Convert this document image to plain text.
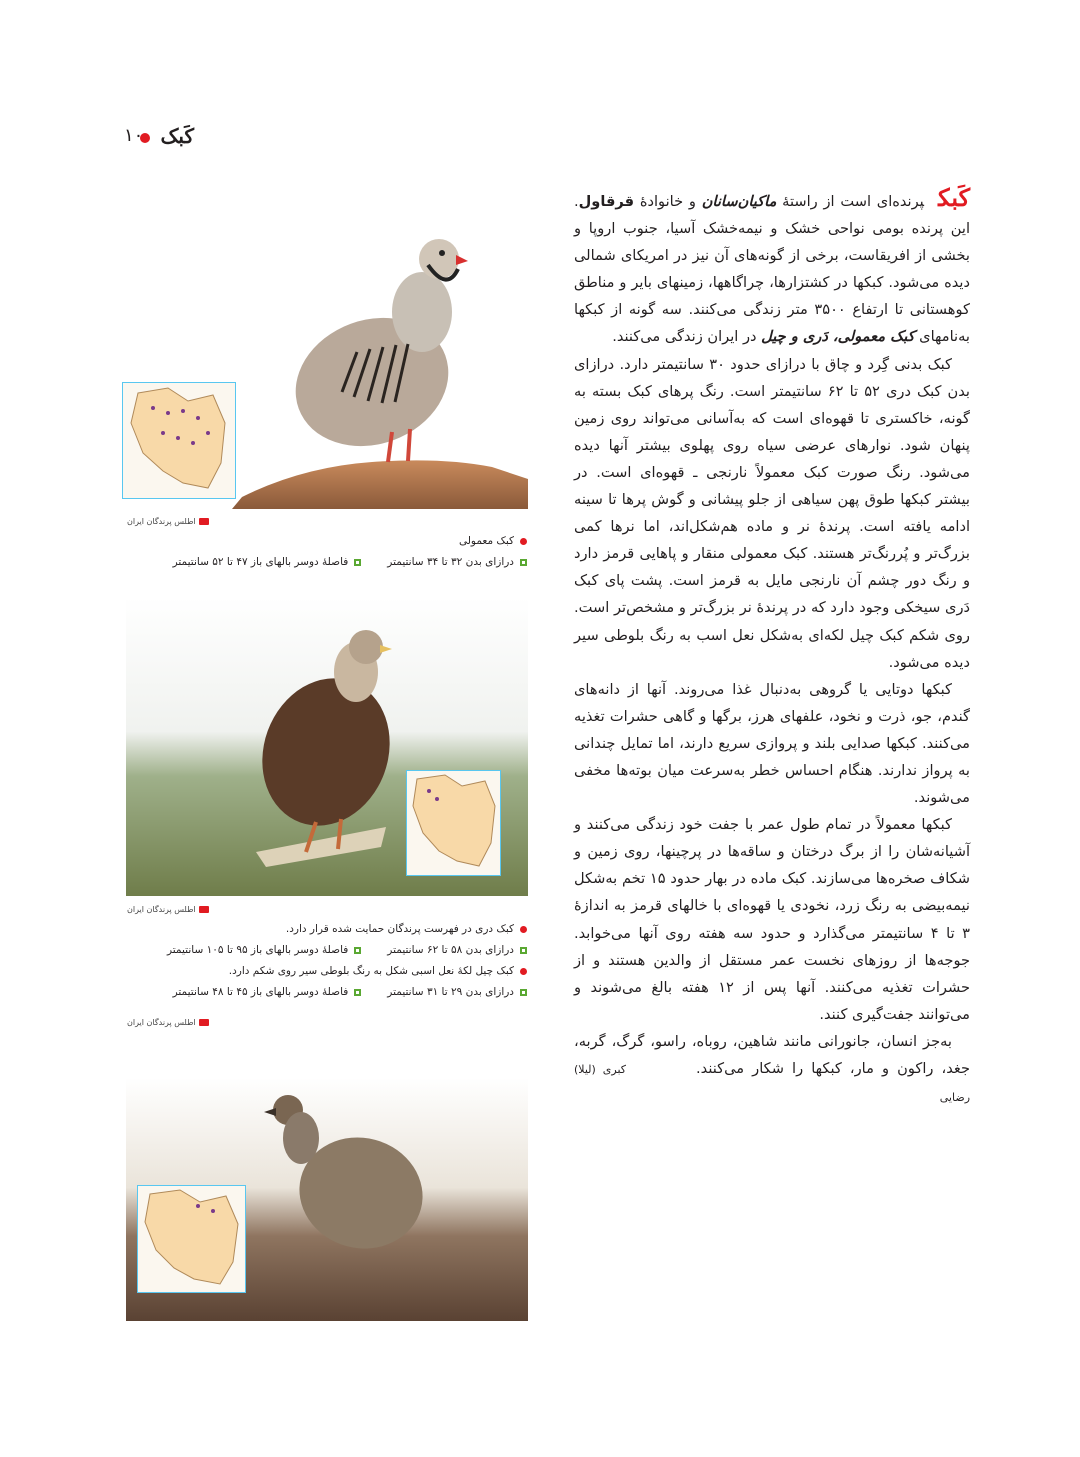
کَبک
۱۰

کَبکپرنده‌ای است از راستهٔ ماکیان‌سانان و خانوادهٔ قرقاول. این پرنده بومی نواحی خشک و نیمه‌خشک آسیا، جنوب اروپا و بخشی از افریقاست، برخی از گونه‌های آن نیز در امریکای شمالی دیده می‌شود. کبکها در کشتزارها، چراگاهها، زمینهای بایر و مناطق کوهستانی تا ارتفاع ۳۵۰۰ متر زندگی می‌کنند. سه گونه از کبکها به‌نامهای کبک معمولی، دَری و چیل در ایران زندگی می‌کنند.

کبک بدنی گِرد و چاق با درازای حدود ۳۰ سانتیمتر دارد. درازای بدن کبک دری ۵۲ تا ۶۲ سانتیمتر است. رنگ پرهای کبک بسته به گونه، خاکستری تا قهوه‌ای است که به‌آسانی می‌تواند روی زمین پنهان شود. نوارهای عرضی سیاه روی پهلوی بیشتر آنها دیده می‌شود. رنگ صورت کبک معمولاً نارنجی ـ قهوه‌ای است. در بیشتر کبکها طوق پهن سیاهی از جلو پیشانی و گوش پرها تا سینه ادامه یافته است. پرندهٔ نر و ماده هم‌شکل‌اند، اما نرها کمی بزرگ‌تر و پُررنگ‌تر هستند. کبک معمولی منقار و پاهایی قرمز دارد و رنگ دور چشم آن نارنجی مایل به قرمز است. پشت پای کبک دَری سیخکی وجود دارد که در پرندهٔ نر بزرگ‌تر و مشخص‌تر است. روی شکم کبک چیل لکه‌ای به‌شکل نعل اسب به رنگ بلوطی سیر دیده می‌شود.

کبکها دوتایی یا گروهی به‌دنبال غذا می‌روند. آنها از دانه‌های گندم، جو، ذرت و نخود، علفهای هرز، برگها و گاهی حشرات تغذیه می‌کنند. کبکها صدایی بلند و پروازی سریع دارند، اما تمایل چندانی به پرواز ندارند. هنگام احساس خطر به‌سرعت میان بوته‌ها مخفی می‌شوند.

کبکها معمولاً در تمام طول عمر با جفت خود زندگی می‌کنند و آشیانه‌شان را از برگ درختان و ساقه‌ها در پرچینها، روی زمین و شکاف صخره‌ها می‌سازند. کبک ماده در بهار حدود ۱۵ تخم به‌شکل نیمه‌بیضی به رنگ زرد، نخودی یا قهوه‌ای با خالهای قرمز به اندازهٔ ۳ تا ۴ سانتیمتر می‌گذارد و حدود سه هفته روی آنها می‌خوابد. جوجه‌ها از روزهای نخست عمر مستقل از والدین هستند و از حشرات تغذیه می‌کنند. آنها پس از ۱۲ هفته بالغ می‌شوند و می‌توانند جفت‌گیری کنند.

به‌جز انسان، جانورانی مانند شاهین، روباه، راسو، گرگ، گربه، جغد، راکون و مار، کبکها را شکار می‌کنند.کبری (لیلا) رضایی

اطلس پرندگان ایران
کبک معمولی
درازای بدن ۳۲ تا ۳۴ سانتیمترفاصلهٔ دوسر بالهای باز ۴۷ تا ۵۲ سانتیمتر
اطلس پرندگان ایران
کبک دری در فهرست پرندگان حمایت شده قرار دارد.
درازای بدن ۵۸ تا ۶۲ سانتیمترفاصلهٔ دوسر بالهای باز ۹۵ تا ۱۰۵ سانتیمتر
کبک چیل لکهٔ نعل اسبی شکل به رنگ بلوطی سیر روی شکم دارد.
درازای بدن ۲۹ تا ۳۱ سانتیمترفاصلهٔ دوسر بالهای باز ۴۵ تا ۴۸ سانتیمتر
اطلس پرندگان ایران
